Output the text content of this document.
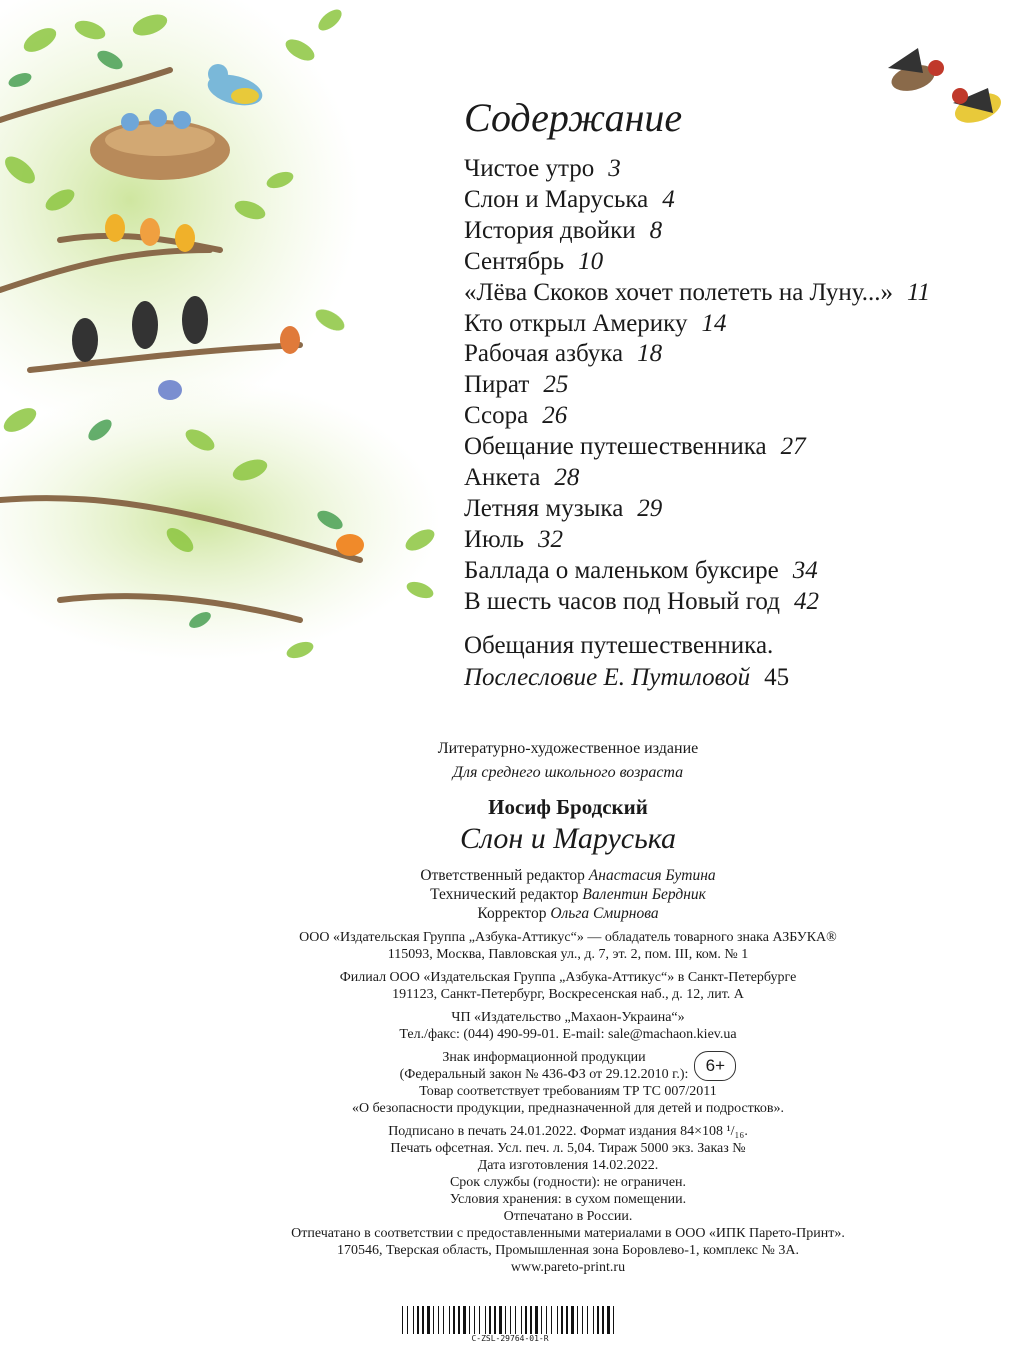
Содержание
Чистое утро 3
Слон и Маруська 4
История двойки 8
Сентябрь 10
«Лёва Скоков хочет полететь на Луну...» 11
Кто открыл Америку 14
Рабочая азбука 18
Пират 25
Ссора 26
Обещание путешественника 27
Анкета 28
Летняя музыка 29
Июль 32
Баллада о маленьком буксире 34
В шесть часов под Новый год 42
Обещания путешественника.
Послесловие Е. Путиловой 45
Литературно-художественное издание
Для среднего школьного возраста
Иосиф Бродский
Слон и Маруська
Ответственный редактор Анастасия Бутина
Технический редактор Валентин Бердник
Корректор Ольга Смирнова
ООО «Издательская Группа „Азбука-Аттикус“» — обладатель товарного знака АЗБУКА®
115093, Москва, Павловская ул., д. 7, эт. 2, пом. III, ком. № 1
Филиал ООО «Издательская Группа „Азбука-Аттикус“» в Санкт-Петербурге
191123, Санкт-Петербург, Воскресенская наб., д. 12, лит. А
ЧП «Издательство „Махаон-Украина“»
Тел./факс: (044) 490-99-01. E-mail: sale@machaon.kiev.ua
Знак информационной продукции
(Федеральный закон № 436-ФЗ от 29.12.2010 г.):	6+
Товар соответствует требованиям ТР ТС 007/2011
«О безопасности продукции, предназначенной для детей и подростков».
Подписано в печать 24.01.2022. Формат издания 84×108 ¹/₁₆.
Печать офсетная. Усл. печ. л. 5,04. Тираж 5000 экз. Заказ №
Дата изготовления 14.02.2022.
Срок службы (годности): не ограничен.
Условия хранения: в сухом помещении.
Отпечатано в России.
Отпечатано в соответствии с предоставленными материалами в ООО «ИПК Парето-Принт».
170546, Тверская область, Промышленная зона Боровлево-1, комплекс № 3А.
www.pareto-print.ru
C-ZSL-29764-01-R
